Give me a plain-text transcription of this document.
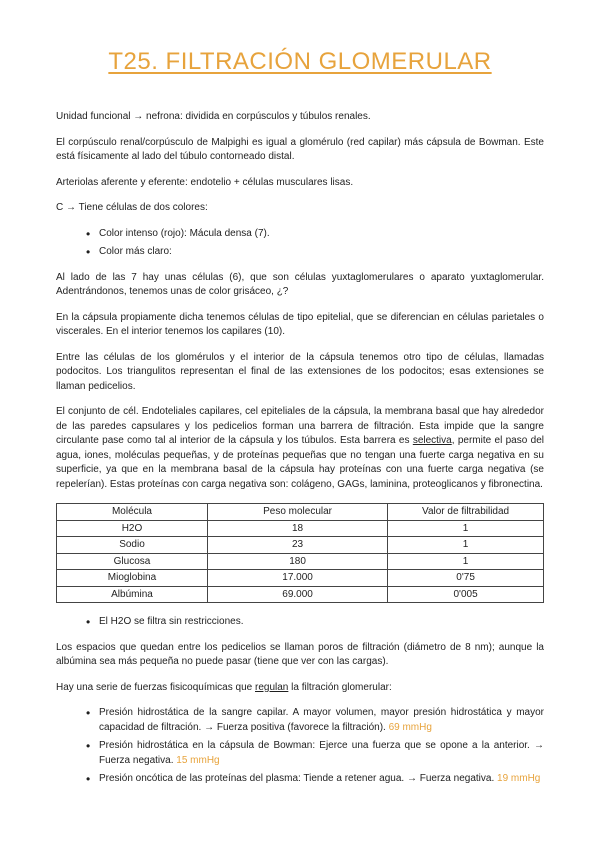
T25. FILTRACIÓN GLOMERULAR

Unidad funcional → nefrona: dividida en corpúsculos y túbulos renales.

El corpúsculo renal/corpúsculo de Malpighi es igual a glomérulo (red capilar) más cápsula de Bowman. Este está físicamente al lado del túbulo contorneado distal.

Arteriolas aferente y eferente: endotelio + células musculares lisas.

C → Tiene células de dos colores:

• Color intenso (rojo): Mácula densa (7).
• Color más claro:

Al lado de las 7 hay unas células (6), que son células yuxtaglomerulares o aparato yuxtaglomerular. Adentrándonos, tenemos unas de color grisáceo, ¿?

En la cápsula propiamente dicha tenemos células de tipo epitelial, que se diferencian en células parietales o viscerales. En el interior tenemos los capilares (10).

Entre las células de los glomérulos y el interior de la cápsula tenemos otro tipo de células, llamadas podocitos. Los triangulitos representan el final de las extensiones de los podocitos; esas extensiones se llaman pedicelios.

El conjunto de cél. Endoteliales capilares, cel epiteliales de la cápsula, la membrana basal que hay alrededor de las paredes capsulares y los pedicelios forman una barrera de filtración. Esta impide que la sangre circulante pase como tal al interior de la cápsula y los túbulos. Esta barrera es selectiva, permite el paso del agua, iones, moléculas pequeñas, y de proteínas pequeñas que no tengan una fuerte carga negativa en su superficie, ya que en la membrana basal de la cápsula hay proteínas con una fuerte carga negativa (se repelerían). Estas proteínas con carga negativa son: colágeno, GAGs, laminina, proteoglicanos y fibronectina.

Molécula	Peso molecular	Valor de filtrabilidad
H2O	18	1
Sodio	23	1
Glucosa	180	1
Mioglobina	17.000	0'75
Albúmina	69.000	0'005
• El H2O se filtra sin restricciones.

Los espacios que quedan entre los pedicelios se llaman poros de filtración (diámetro de 8 nm); aunque la albúmina sea más pequeña no puede pasar (tiene que ver con las cargas).

Hay una serie de fuerzas fisicoquímicas que regulan la filtración glomerular:

• Presión hidrostática de la sangre capilar. A mayor volumen, mayor presión hidrostática y mayor capacidad de filtración. → Fuerza positiva (favorece la filtración). 69 mmHg
• Presión hidrostática en la cápsula de Bowman: Ejerce una fuerza que se opone a la anterior. → Fuerza negativa. 15 mmHg
• Presión oncótica de las proteínas del plasma: Tiende a retener agua. → Fuerza negativa. 19 mmHg
